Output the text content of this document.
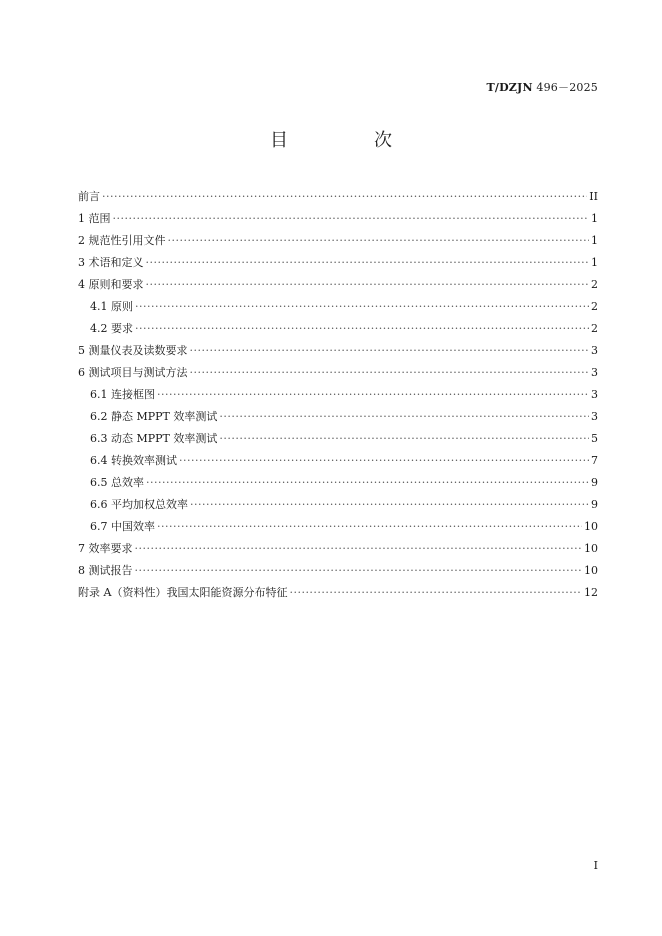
T/DZJN 496－2025
目　次
前言 ·····	II
1 范围 ·····	1
2 规范性引用文件 ·····	1
3 术语和定义 ·····	1
4 原则和要求 ·····	2
4.1 原则 ·····	2
4.2 要求 ·····	2
5 测量仪表及读数要求 ·····	3
6 测试项目与测试方法 ·····	3
6.1 连接框图 ·····	3
6.2 静态 MPPT 效率测试 ·····	3
6.3 动态 MPPT 效率测试 ·····	5
6.4 转换效率测试 ·····	7
6.5 总效率 ·····	9
6.6 平均加权总效率 ·····	9
6.7 中国效率 ·····	10
7 效率要求 ·····	10
8 测试报告 ·····	10
附录 A（资料性）我国太阳能资源分布特征 ·····	12
I
